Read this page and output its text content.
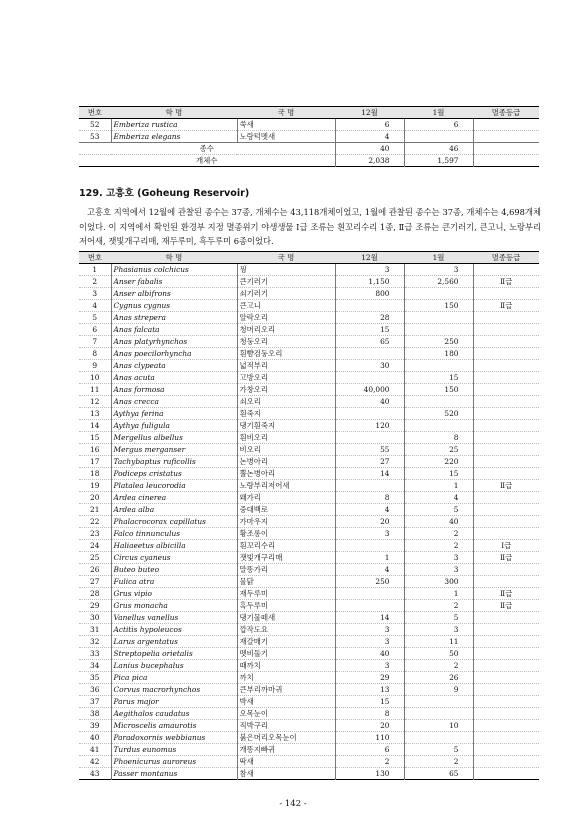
번호	학 명	국 명	12월	1월	멸종등급
52	Emberiza rustica	쑥새	6	6	
53	Emberiza elegans	노랑턱멧새	4		
종수			40	46	
개체수			2,038	1,597	
129. 고흥호 (Goheung Reservoir)

고흥호 지역에서 12월에 관찰된 종수는 37종, 개체수는 43,118개체이었고, 1월에 관찰된 종수는 37종, 개체수는 4,698개체이었다. 이 지역에서 확인된 환경부 지정 멸종위기 야생생물 Ⅰ급 조류는 흰꼬리수리 1종, Ⅱ급 조류는 큰기러기, 큰고니, 노랑부리저어새, 잿빛개구리매, 재두루미, 흑두루미 6종이었다.

번호	학 명	국 명	12월	1월	멸종등급
1	Phasianus colchicus	꿩	3	3	
2	Anser fabalis	큰기러기	1,150	2,560	Ⅱ급
3	Anser albifrons	쇠기러기	800		
4	Cygnus cygnus	큰고니		150	Ⅱ급
5	Anas strepera	알락오리	28		
6	Anas falcata	청머리오리	15		
7	Anas platyrhynchos	청둥오리	65	250	
8	Anas poecilorhyncha	흰뺨검둥오리		180	
9	Anas clypeata	넓적부리	30		
10	Anas acuta	고방오리		15	
11	Anas formosa	가창오리	40,000	150	
12	Anas crecca	쇠오리	40		
13	Aythya ferina	흰죽지		520	
14	Aythya fuligula	댕기흰죽지	120		
15	Mergellus albellus	흰비오리		8	
16	Mergus merganser	비오리	55	25	
17	Tachybaptus ruficollis	논병아리	27	220	
18	Podiceps cristatus	뿔논병아리	14	15	
19	Platalea leucorodia	노랑부리저어새		1	Ⅱ급
20	Ardea cinerea	왜가리	8	4	
21	Ardea alba	중대백로	4	5	
22	Phalacrocorax capillatus	가마우지	20	40	
23	Falco tinnunculus	황조롱이	3	2	
24	Haliaeetus albicilla	흰꼬리수리		2	Ⅰ급
25	Circus cyaneus	잿빛개구리매	1	3	Ⅱ급
26	Buteo buteo	말똥가리	4	3	
27	Fulica atra	물닭	250	300	
28	Grus vipio	재두루미		1	Ⅱ급
29	Grus monacha	흑두루미		2	Ⅱ급
30	Vanellus vanellus	댕기물떼새	14	5	
31	Actitis hypoleucos	깝작도요	3	3	
32	Larus argentatus	재갈매기	3	11	
33	Streptopelia orietalis	멧비둘기	40	50	
34	Lanius bucephalus	때까치	3	2	
35	Pica pica	까치	29	26	
36	Corvus macrorhynchos	큰부리까마귀	13	9	
37	Parus major	박새	15		
38	Aegithalos caudatus	오목눈이	8		
39	Microscelis amaurotis	직박구리	20	10	
40	Paradoxornis webbianus	붉은머리오목눈이	110		
41	Turdus eunomus	개똥지빠귀	6	5	
42	Phoenicurus auroreus	딱새	2	2	
43	Passer montanus	참새	130	65	
- 142 -
